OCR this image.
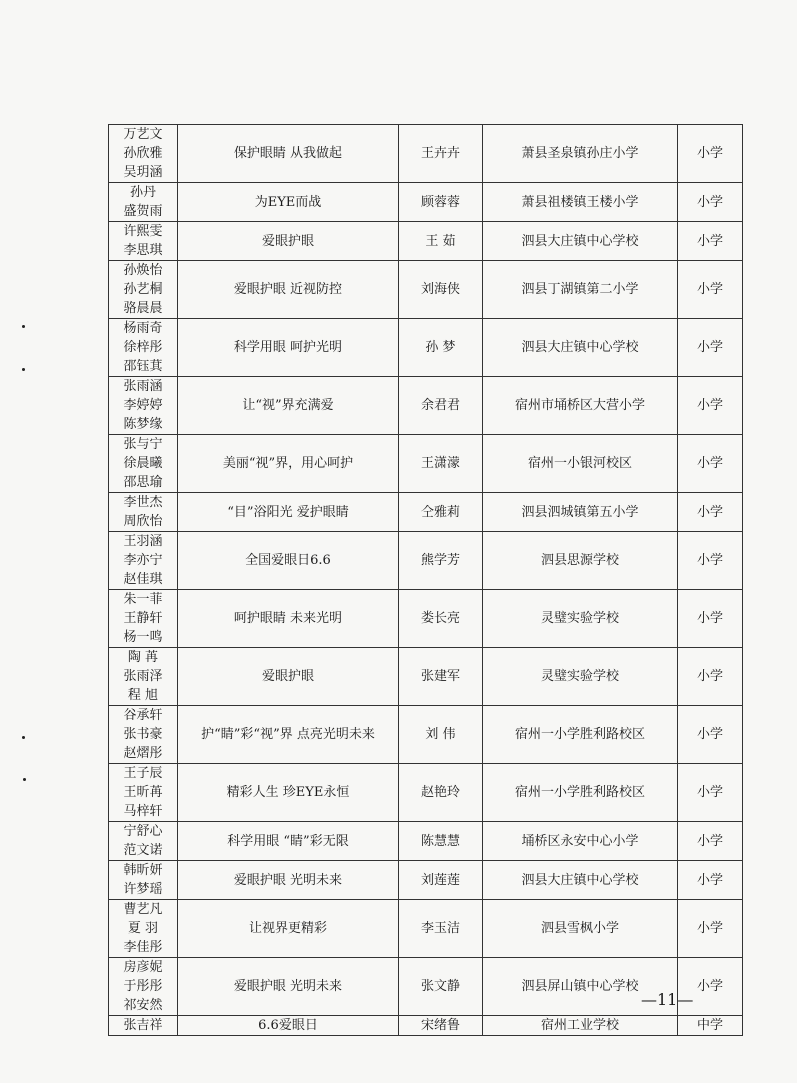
万艺文
孙欣雅
吴玥涵	保护眼睛 从我做起	王卉卉	萧县圣泉镇孙庄小学	小学
孙丹
盛贺雨	为EYE而战	顾蓉蓉	萧县祖楼镇王楼小学	小学
许熙雯
李思琪	爱眼护眼	王 茹	泗县大庄镇中心学校	小学
孙焕怡
孙艺桐
骆晨晨	爱眼护眼 近视防控	刘海侠	泗县丁湖镇第二小学	小学
杨雨奇
徐梓彤
邵钰萁	科学用眼 呵护光明	孙 梦	泗县大庄镇中心学校	小学
张雨涵
李婷婷
陈梦缘	让“视”界充满爱	余君君	宿州市埇桥区大营小学	小学
张与宁
徐晨曦
邵思瑜	美丽“视”界，用心呵护	王潇濛	宿州一小银河校区	小学
李世杰
周欣怡	“目”浴阳光 爱护眼睛	仝雅莉	泗县泗城镇第五小学	小学
王羽涵
李亦宁
赵佳琪	全国爱眼日6.6	熊学芳	泗县思源学校	小学
朱一菲
王静轩
杨一鸣	呵护眼睛 未来光明	娄长亮	灵璧实验学校	小学
陶 苒
张雨泽
程 旭	爱眼护眼	张建军	灵璧实验学校	小学
谷承轩
张书豪
赵熠彤	护“睛”彩“视”界 点亮光明未来	刘 伟	宿州一小学胜利路校区	小学
王子辰
王昕苒
马梓轩	精彩人生 珍EYE永恒	赵艳玲	宿州一小学胜利路校区	小学
宁舒心
范文诺	科学用眼 “睛”彩无限	陈慧慧	埇桥区永安中心小学	小学
韩昕妍
许梦瑶	爱眼护眼 光明未来	刘莲莲	泗县大庄镇中心学校	小学
曹艺凡
夏 羽
李佳彤	让视界更精彩	李玉洁	泗县雪枫小学	小学
房彦妮
于彤彤
祁安然	爱眼护眼 光明未来	张文静	泗县屏山镇中心学校	小学
张吉祥	6.6爱眼日	宋绪鲁	宿州工业学校	中学
—11—
